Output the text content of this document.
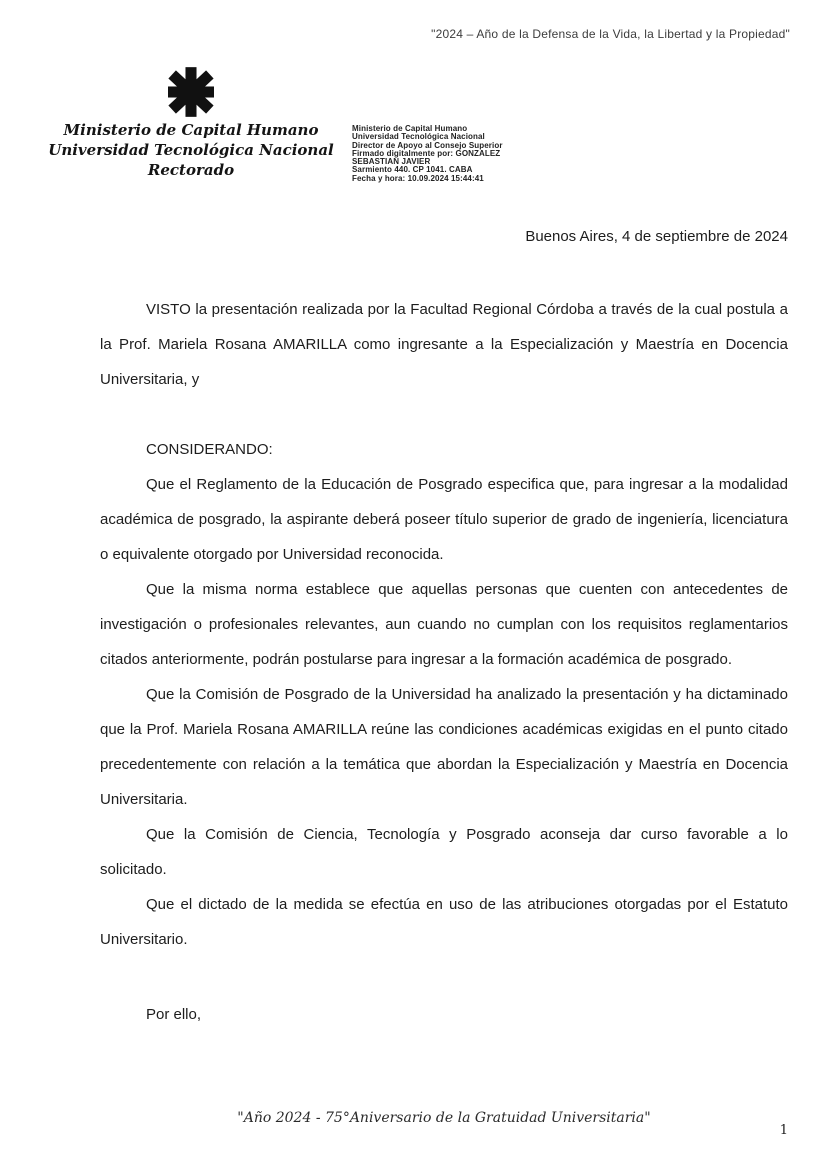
"2024 – Año de la Defensa de la Vida, la Libertad y la Propiedad"
Ministerio de Capital Humano
Universidad Tecnológica Nacional
Rectorado
Ministerio de Capital Humano
Universidad Tecnológica Nacional
Director de Apoyo al Consejo Superior
Firmado digitalmente por: GONZALEZ
SEBASTIAN JAVIER
Sarmiento 440. CP 1041. CABA
Fecha y hora: 10.09.2024 15:44:41
Buenos Aires, 4 de septiembre de 2024

VISTO la presentación realizada por la Facultad Regional Córdoba a través de la cual postula a la Prof. Mariela Rosana AMARILLA como ingresante a la Especialización y Maestría en Docencia Universitaria, y

CONSIDERANDO:

Que el Reglamento de la Educación de Posgrado especifica que, para ingresar a la modalidad académica de posgrado, la aspirante deberá poseer título superior de grado de ingeniería, licenciatura o equivalente otorgado por Universidad reconocida.

Que la misma norma establece que aquellas personas que cuenten con antecedentes de investigación o profesionales relevantes, aun cuando no cumplan con los requisitos reglamentarios citados anteriormente, podrán postularse para ingresar a la formación académica de posgrado.

Que la Comisión de Posgrado de la Universidad ha analizado la presentación y ha dictaminado que la Prof. Mariela Rosana AMARILLA reúne las condiciones académicas exigidas en el punto citado precedentemente con relación a la temática que abordan la Especialización y Maestría en Docencia Universitaria.

Que la Comisión de Ciencia, Tecnología y Posgrado aconseja dar curso favorable a lo solicitado.

Que el dictado de la medida se efectúa en uso de las atribuciones otorgadas por el Estatuto Universitario.

Por ello,

"Año 2024 - 75°Aniversario de la Gratuidad Universitaria"
1
